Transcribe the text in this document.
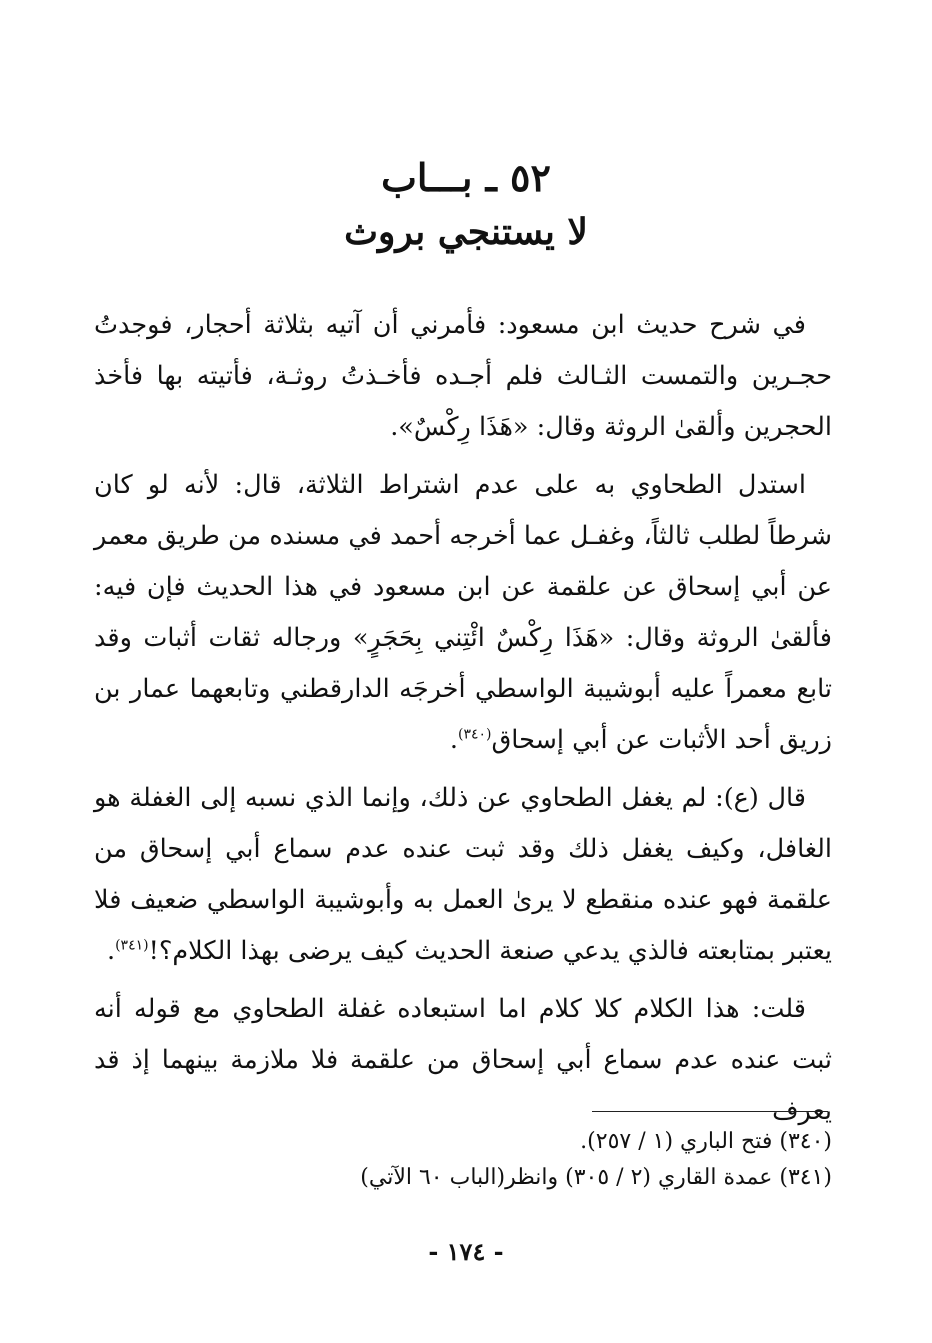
٥٢ ـ بـــاب
لا يستنجي بروث

في شرح حديث ابن مسعود: فأمرني أن آتيه بثلاثة أحجار، فوجدتُ حجـرين والتمست الثـالث فلم أجـده فأخـذتُ روثـة، فأتيته بها فأخذ الحجرين وألقىٰ الروثة وقال: «هَذَا رِكْسٌ».

استدل الطحاوي به على عدم اشتراط الثلاثة، قال: لأنه لو كان شرطاً لطلب ثالثاً، وغفـل عما أخرجه أحمد في مسنده من طريق معمر عن أبي إسحاق عن علقمة عن ابن مسعود في هذا الحديث فإن فيه: فألقىٰ الروثة وقال: «هَذَا رِكْسٌ ائْتِني بِحَجَرٍ» ورجاله ثقات أثبات وقد تابع معمراً عليه أبوشيبة الواسطي أخرجَه الدارقطني وتابعهما عمار بن زريق أحد الأثبات عن أبي إسحاق$^{(٣٤٠)}$.

قال (ع): لم يغفل الطحاوي عن ذلك، وإنما الذي نسبه إلى الغفلة هو الغافل، وكيف يغفل ذلك وقد ثبت عنده عدم سماع أبي إسحاق من علقمة فهو عنده منقطع لا يرىٰ العمل به وأبوشيبة الواسطي ضعيف فلا يعتبر بمتابعته فالذي يدعي صنعة الحديث كيف يرضى بهذا الكلام؟!$^{(٣٤١)}$.

قلت: هذا الكلام كلا كلام اما استبعاده غفلة الطحاوي مع قوله أنه ثبت عنده عدم سماع أبي إسحاق من علقمة فلا ملازمة بينهما إذ قد يعرف

(٣٤٠) فتح الباري (١ / ٢٥٧).

(٣٤١) عمدة القاري (٢ / ٣٠٥) وانظر(الباب ٦٠ الآتي)

- ١٧٤ -
